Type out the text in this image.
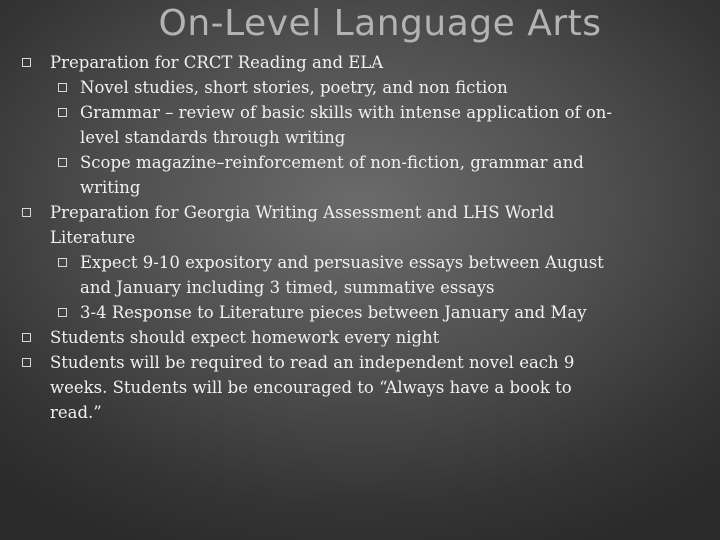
On-Level Language Arts
Preparation for CRCT Reading and ELA
Novel studies, short stories, poetry, and non fiction
Grammar – review of basic skills with intense application of on-level standards through writing
Scope magazine–reinforcement of non-fiction, grammar and writing
Preparation for Georgia Writing Assessment and LHS World Literature
Expect 9-10 expository and persuasive essays between August and January including 3 timed, summative essays
3-4 Response to Literature pieces between January and May
Students should expect homework every night
Students will be required to read an independent novel each 9 weeks. Students will be encouraged to “Always have a book to read.”
